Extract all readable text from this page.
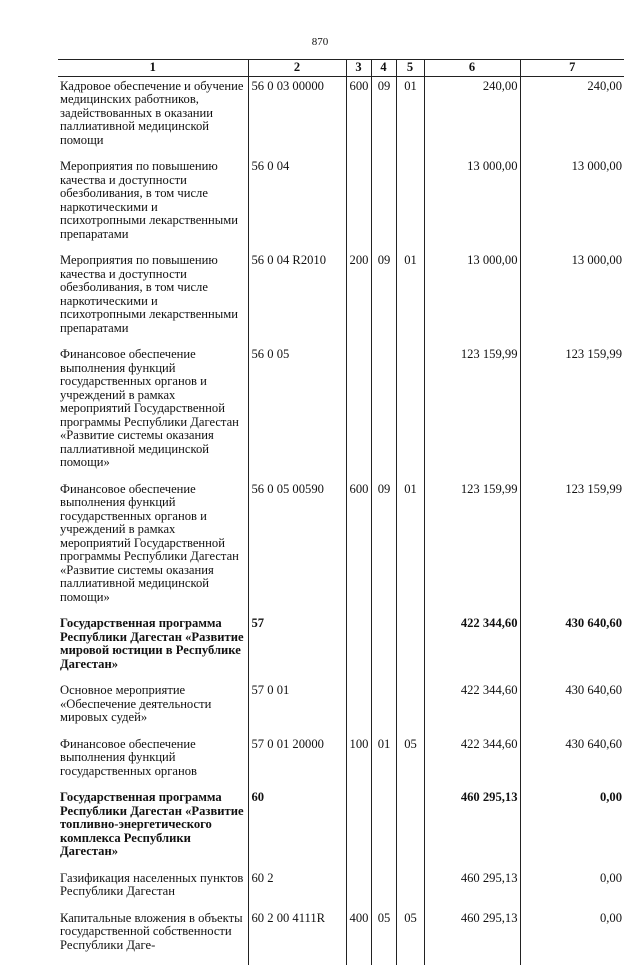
870
1	2	3	4	5	6	7
Кадровое обеспечение и обучение медицинских работников, задействованных в оказании паллиативной медицинской помощи	56 0 03 00000	600	09	01	240,00	240,00
Мероприятия по повышению качества и доступности обезболивания, в том числе наркотическими и психотропными лекарственными препаратами	56 0 04				13 000,00	13 000,00
Мероприятия по повышению качества и доступности обезболивания, в том числе наркотическими и психотропными лекарственными препаратами	56 0 04 R2010	200	09	01	13 000,00	13 000,00
Финансовое обеспечение выполнения функций государственных органов и учреждений в рамках мероприятий Государственной программы Республики Дагестан «Развитие системы оказания паллиативной медицинской помощи»	56 0 05				123 159,99	123 159,99
Финансовое обеспечение выполнения функций государственных органов и учреждений в рамках мероприятий Государственной программы Республики Дагестан «Развитие системы оказания паллиативной медицинской помощи»	56 0 05 00590	600	09	01	123 159,99	123 159,99
Государственная программа Республики Дагестан «Развитие мировой юстиции в Республике Дагестан»	57				422 344,60	430 640,60
Основное мероприятие «Обеспечение деятельности мировых судей»	57 0 01				422 344,60	430 640,60
Финансовое обеспечение выполнения функций государственных органов	57 0 01 20000	100	01	05	422 344,60	430 640,60
Государственная программа Республики Дагестан «Развитие топливно-энергетического комплекса Республики Дагестан»	60				460 295,13	0,00
Газификация населенных пунктов Республики Дагестан	60 2				460 295,13	0,00
Капитальные вложения в объекты государственной собственности Республики Даге-	60 2 00 4111R	400	05	05	460 295,13	0,00
